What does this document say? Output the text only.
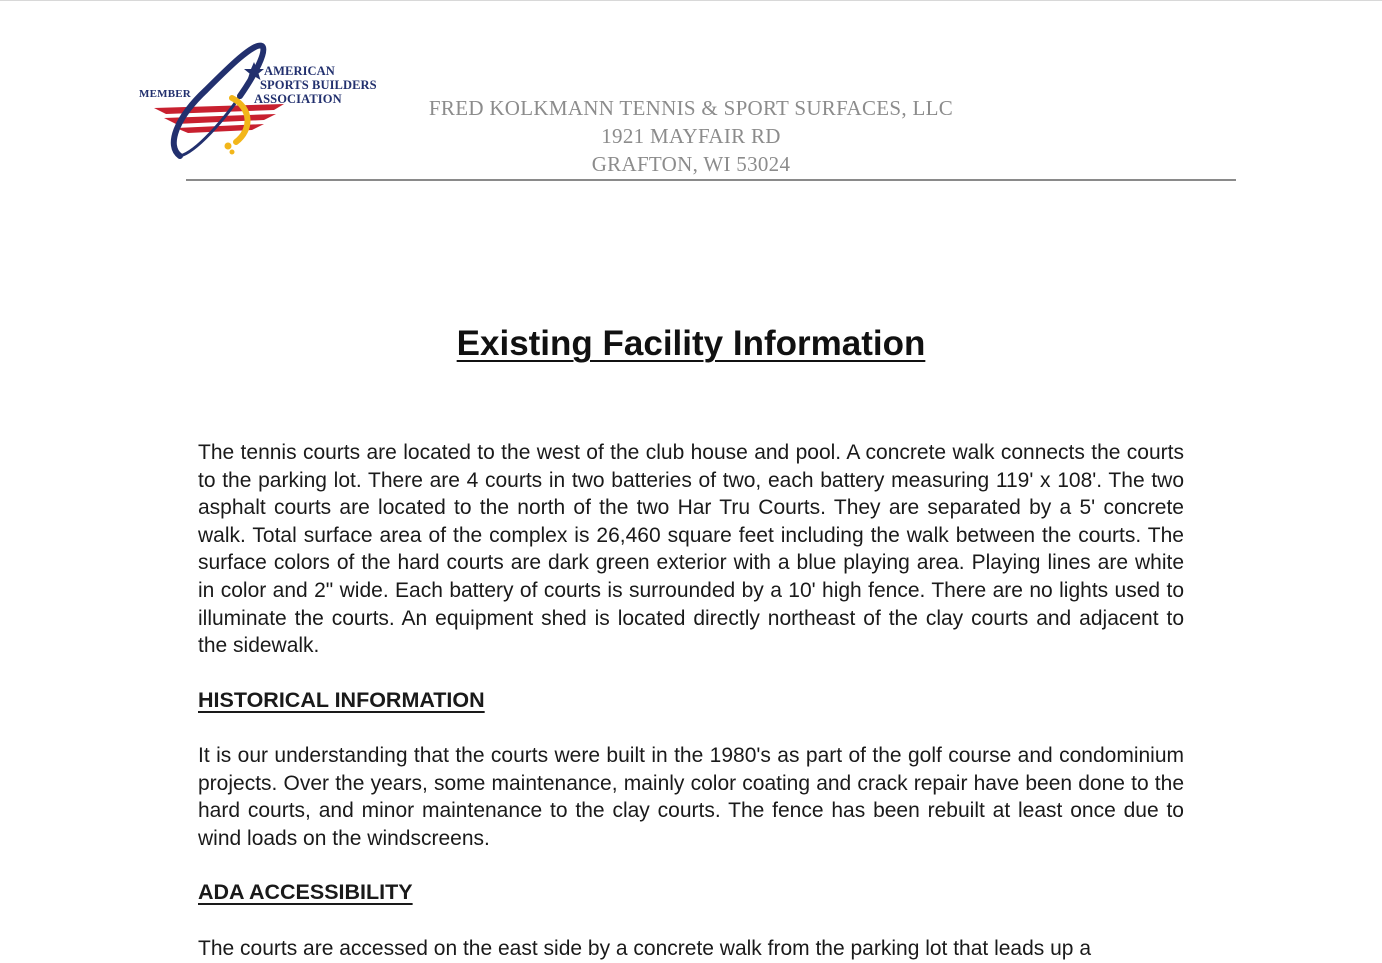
MEMBER
AMERICAN
SPORTS BUILDERS
ASSOCIATION	FRED KOLKMANN TENNIS & SPORT SURFACES, LLC
1921 MAYFAIR RD
GRAFTON, WI 53024
Existing Facility Information
The tennis courts are located to the west of the club house and pool. A concrete walk connects the courts to the parking lot. There are 4 courts in two batteries of two, each battery measuring 119' x 108'. The two asphalt courts are located to the north of the two Har Tru Courts. They are separated by a 5' concrete walk. Total surface area of the complex is 26,460 square feet including the walk between the courts. The surface colors of the hard courts are dark green exterior with a blue playing area. Playing lines are white in color and 2" wide. Each battery of courts is surrounded by a 10' high fence. There are no lights used to illuminate the courts. An equipment shed is located directly northeast of the clay courts and adjacent to the sidewalk.
HISTORICAL INFORMATION
It is our understanding that the courts were built in the 1980's as part of the golf course and condominium projects. Over the years, some maintenance, mainly color coating and crack repair have been done to the hard courts, and minor maintenance to the clay courts. The fence has been rebuilt at least once due to wind loads on the windscreens.
ADA ACCESSIBILITY
The courts are accessed on the east side by a concrete walk from the parking lot that leads up a
